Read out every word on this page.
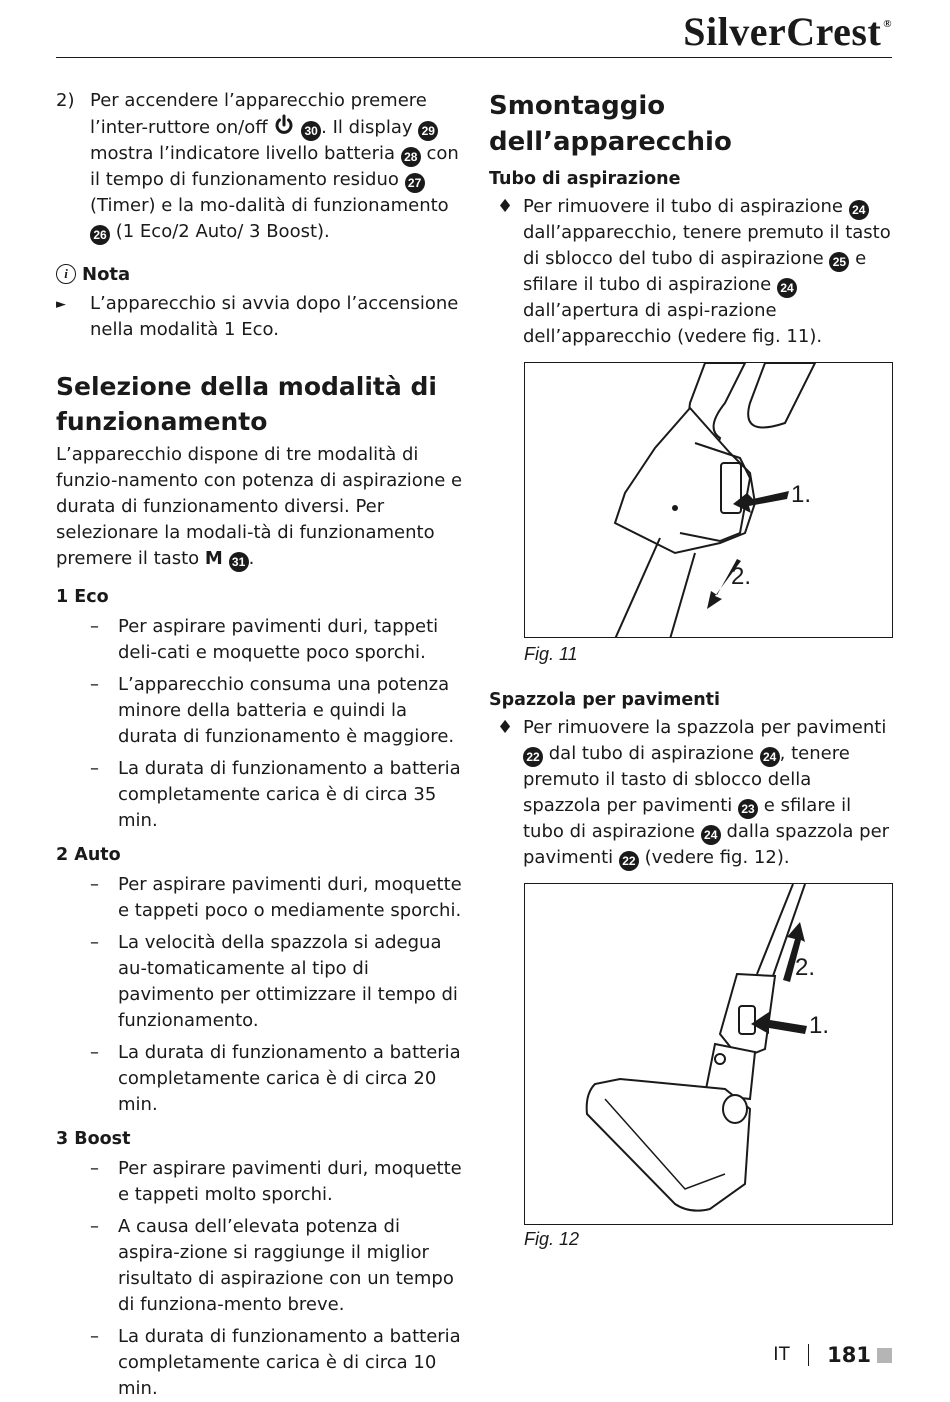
SilverCrest ®
2) Per accendere l’apparecchio premere l’inter-ruttore on/off	30 . Il display 29 mostra l’indicatore livello batteria 28 con il tempo di funzionamento residuo 27 (Timer) e la mo-dalità di funzionamento 26 (1 Eco/2 Auto/ 3 Boost).
i Nota
►	L’apparecchio si avvia dopo l’accensione nella modalità 1 Eco.
Selezione della modalità di funzionamento
L’apparecchio dispone di tre modalità di funzio-namento con potenza di aspirazione e durata di funzionamento diversi. Per selezionare la modali-tà di funzionamento premere il tasto M 31 .
1 Eco
–	Per aspirare pavimenti duri, tappeti deli-cati e moquette poco sporchi.
–	L’apparecchio consuma una potenza minore della batteria e quindi la durata di funzionamento è maggiore.
–	La durata di funzionamento a batteria completamente carica è di circa 35 min.
2 Auto
–	Per aspirare pavimenti duri, moquette e tappeti poco o mediamente sporchi.
–	La velocità della spazzola si adegua au-tomaticamente al tipo di pavimento per ottimizzare il tempo di funzionamento.
–	La durata di funzionamento a batteria completamente carica è di circa 20 min.
3 Boost
–	Per aspirare pavimenti duri, moquette e tappeti molto sporchi.
–	A causa dell’elevata potenza di aspira-zione si raggiunge il miglior risultato di aspirazione con un tempo di funziona-mento breve.
–	La durata di funzionamento a batteria completamente carica è di circa 10 min.
Smontaggio dell’apparecchio
Tubo di aspirazione
♦ Per rimuovere il tubo di aspirazione 24 dall’apparecchio, tenere premuto il tasto di sblocco del tubo di aspirazione 25 e sfilare il tubo di aspirazione 24 dall’apertura di aspi-razione dell’apparecchio (vedere fig. 11).
1.
2.
Fig. 11
Spazzola per pavimenti
♦ Per rimuovere la spazzola per pavimenti 22 dal tubo di aspirazione 24 , tenere premuto il tasto di sblocco della spazzola per pavimenti 23 e sfilare il tubo di aspirazione 24 dalla spazzola per pavimenti 22 (vedere fig. 12).
1.
2.
Fig. 12
IT 181
